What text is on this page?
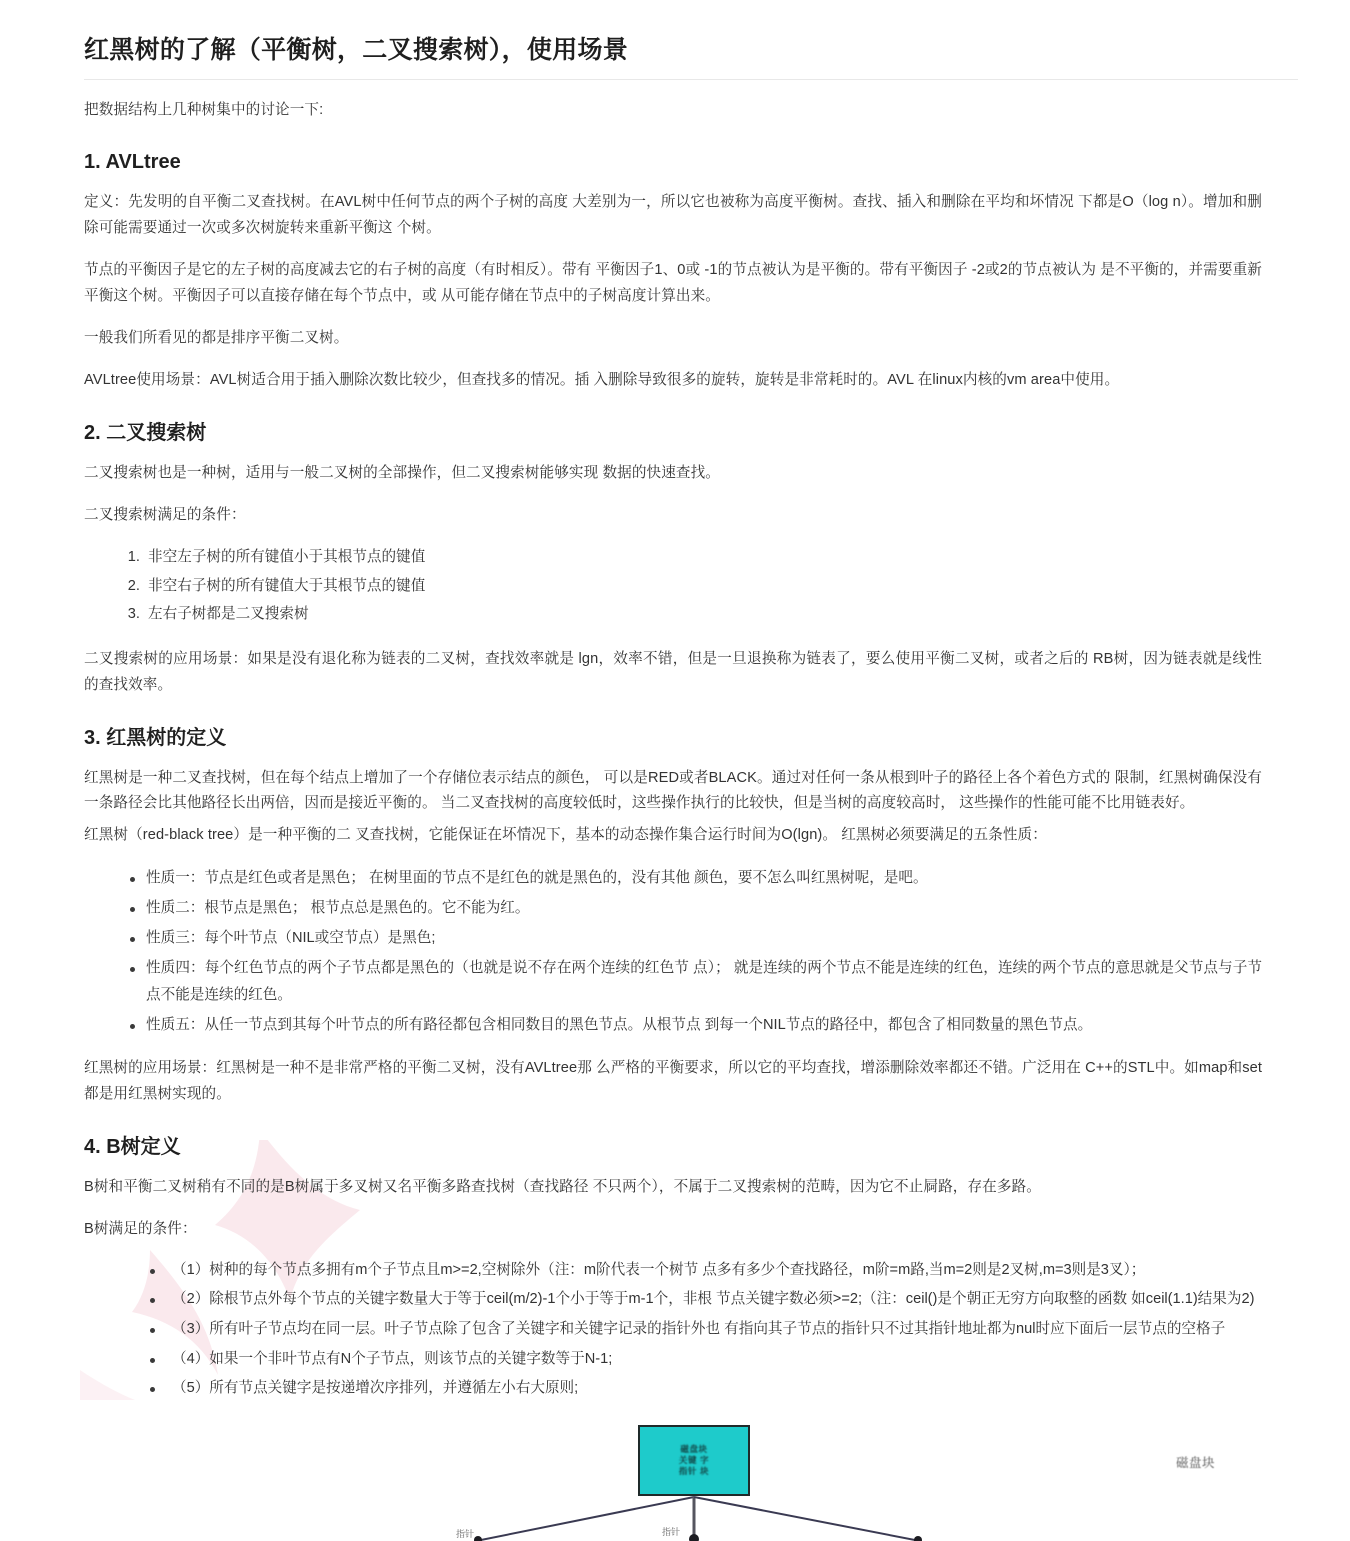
红黑树的了解（平衡树，二叉搜索树），使用场景

把数据结构上几种树集中的讨论一下:

1. AVLtree

定义：先发明的自平衡二叉查找树。在AVL树中任何节点的两个子树的高度 大差别为一，所以它也被称为高度平衡树。查找、插入和删除在平均和坏情况 下都是O（log n）。增加和删除可能需要通过一次或多次树旋转来重新平衡这 个树。

节点的平衡因子是它的左子树的高度减去它的右子树的高度（有时相反）。带有 平衡因子1、0或 -1的节点被认为是平衡的。带有平衡因子 -2或2的节点被认为 是不平衡的，并需要重新平衡这个树。平衡因子可以直接存储在每个节点中，或 从可能存储在节点中的子树高度计算出来。

一般我们所看见的都是排序平衡二叉树。

AVLtree使用场景：AVL树适合用于插入删除次数比较少，但查找多的情况。插 入删除导致很多的旋转，旋转是非常耗时的。AVL 在linux内核的vm area中使用。

2. 二叉搜索树

二叉搜索树也是一种树，适用与一般二叉树的全部操作，但二叉搜索树能够实现 数据的快速查找。

二叉搜索树满足的条件：

1. 非空左子树的所有键值小于其根节点的键值
2. 非空右子树的所有键值大于其根节点的键值
3. 左右子树都是二叉搜索树

二叉搜索树的应用场景：如果是没有退化称为链表的二叉树，查找效率就是 lgn，效率不错，但是一旦退换称为链表了，要么使用平衡二叉树，或者之后的 RB树，因为链表就是线性的查找效率。

3. 红黑树的定义

红黑树是一种二叉查找树，但在每个结点上增加了一个存储位表示结点的颜色， 可以是RED或者BLACK。通过对任何一条从根到叶子的路径上各个着色方式的 限制，红黑树确保没有一条路径会比其他路径长出两倍，因而是接近平衡的。 当二叉查找树的高度较低时，这些操作执行的比较快，但是当树的高度较高时， 这些操作的性能可能不比用链表好。

红黑树（red-black tree）是一种平衡的二 叉查找树，它能保证在坏情况下，基本的动态操作集合运行时间为O(lgn)。 红黑树必须要满足的五条性质：

性质一：节点是红色或者是黑色； 在树里面的节点不是红色的就是黑色的，没有其他 颜色，要不怎么叫红黑树呢，是吧。
性质二：根节点是黑色； 根节点总是黑色的。它不能为红。
性质三：每个叶节点（NIL或空节点）是黑色;
性质四：每个红色节点的两个子节点都是黑色的（也就是说不存在两个连续的红色节 点）； 就是连续的两个节点不能是连续的红色，连续的两个节点的意思就是父节点与子节点不能是连续的红色。
性质五：从任一节点到其每个叶节点的所有路径都包含相同数目的黑色节点。从根节点 到每一个NIL节点的路径中，都包含了相同数量的黑色节点。

红黑树的应用场景：红黑树是一种不是非常严格的平衡二叉树，没有AVLtree那 么严格的平衡要求，所以它的平均查找，增添删除效率都还不错。广泛用在 C++的STL中。如map和set都是用红黑树实现的。

4. B树定义

B树和平衡二叉树稍有不同的是B树属于多叉树又名平衡多路查找树（查找路径 不只两个），不属于二叉搜索树的范畴，因为它不止屙路，存在多路。

B树满足的条件：

（1）树种的每个节点多拥有m个子节点且m>=2,空树除外（注：m阶代表一个树节 点多有多少个查找路径，m阶=m路,当m=2则是2叉树,m=3则是3叉）；
（2）除根节点外每个节点的关键字数量大于等于ceil(m/2)-1个小于等于m-1个，非根 节点关键字数必须>=2;（注：ceil()是个朝正无穷方向取整的函数 如ceil(1.1)结果为2)
（3）所有叶子节点均在同一层。叶子节点除了包含了关键字和关键字记录的指针外也 有指向其子节点的指针只不过其指针地址都为nul时应下面后一层节点的空格子
（4）如果一个非叶节点有N个子节点，则该节点的关键字数等于N-1;
（5）所有节点关键字是按递增次序排列，并遵循左小右大原则;
指针	指针
磁盘块
关键 字
指针 块
磁盘块
